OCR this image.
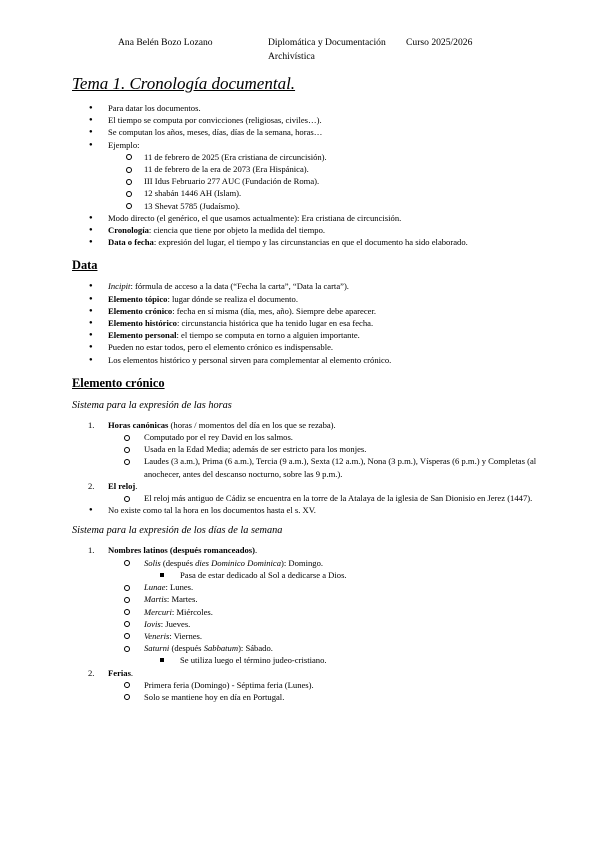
Ana Belén Bozo Lozano	Diplomática y Documentación Archivística
Curso 2025/2026
Tema 1. Cronología documental.
● Para datar los documentos.
● El tiempo se computa por convicciones (religiosas, civiles…).
● Se computan los años, meses, días, días de la semana, horas…
● Ejemplo:
11 de febrero de 2025 (Era cristiana de circuncisión).
11 de febrero de la era de 2073 (Era Hispánica).
III Idus Februario 277 AUC (Fundación de Roma).
12 shabán 1446 AH (Islam).
13 Shevat 5785 (Judaísmo).
● Modo directo (el genérico, el que usamos actualmente): Era cristiana de circuncisión.
● Cronología: ciencia que tiene por objeto la medida del tiempo.
● Data o fecha: expresión del lugar, el tiempo y las circunstancias en que el documento ha sido elaborado.
Data
● Incipit: fórmula de acceso a la data (“Fecha la carta”, “Data la carta”).
● Elemento tópico: lugar dónde se realiza el documento.
● Elemento crónico: fecha en sí misma (día, mes, año). Siempre debe aparecer.
● Elemento histórico: circunstancia histórica que ha tenido lugar en esa fecha.
● Elemento personal: el tiempo se computa en torno a alguien importante.
● Pueden no estar todos, pero el elemento crónico es indispensable.
● Los elementos histórico y personal sirven para complementar al elemento crónico.
Elemento crónico
Sistema para la expresión de las horas
1. Horas canónicas (horas / momentos del día en los que se rezaba).
Computado por el rey David en los salmos.
Usada en la Edad Media; además de ser estricto para los monjes.
Laudes (3 a.m.), Prima (6 a.m.), Tercia (9 a.m.), Sexta (12 a.m.), Nona (3 p.m.), Vísperas (6 p.m.) y Completas (al anochecer, antes del descanso nocturno, sobre las 9 p.m.).
2. El reloj.
El reloj más antiguo de Cádiz se encuentra en la torre de la Atalaya de la iglesia de San Dionisio en Jerez (1447).
● No existe como tal la hora en los documentos hasta el s. XV.
Sistema para la expresión de los días de la semana
1. Nombres latinos (después romanceados).
Solis (después dies Dominico Dominica): Domingo.
Pasa de estar dedicado al Sol a dedicarse a Dios.
Lunae: Lunes.
Martis: Martes.
Mercuri: Miércoles.
Iovis: Jueves.
Veneris: Viernes.
Saturni (después Sabbatum): Sábado.
Se utiliza luego el término judeo-cristiano.
2. Ferias.
Primera feria (Domingo) - Séptima feria (Lunes).
Solo se mantiene hoy en día en Portugal.
